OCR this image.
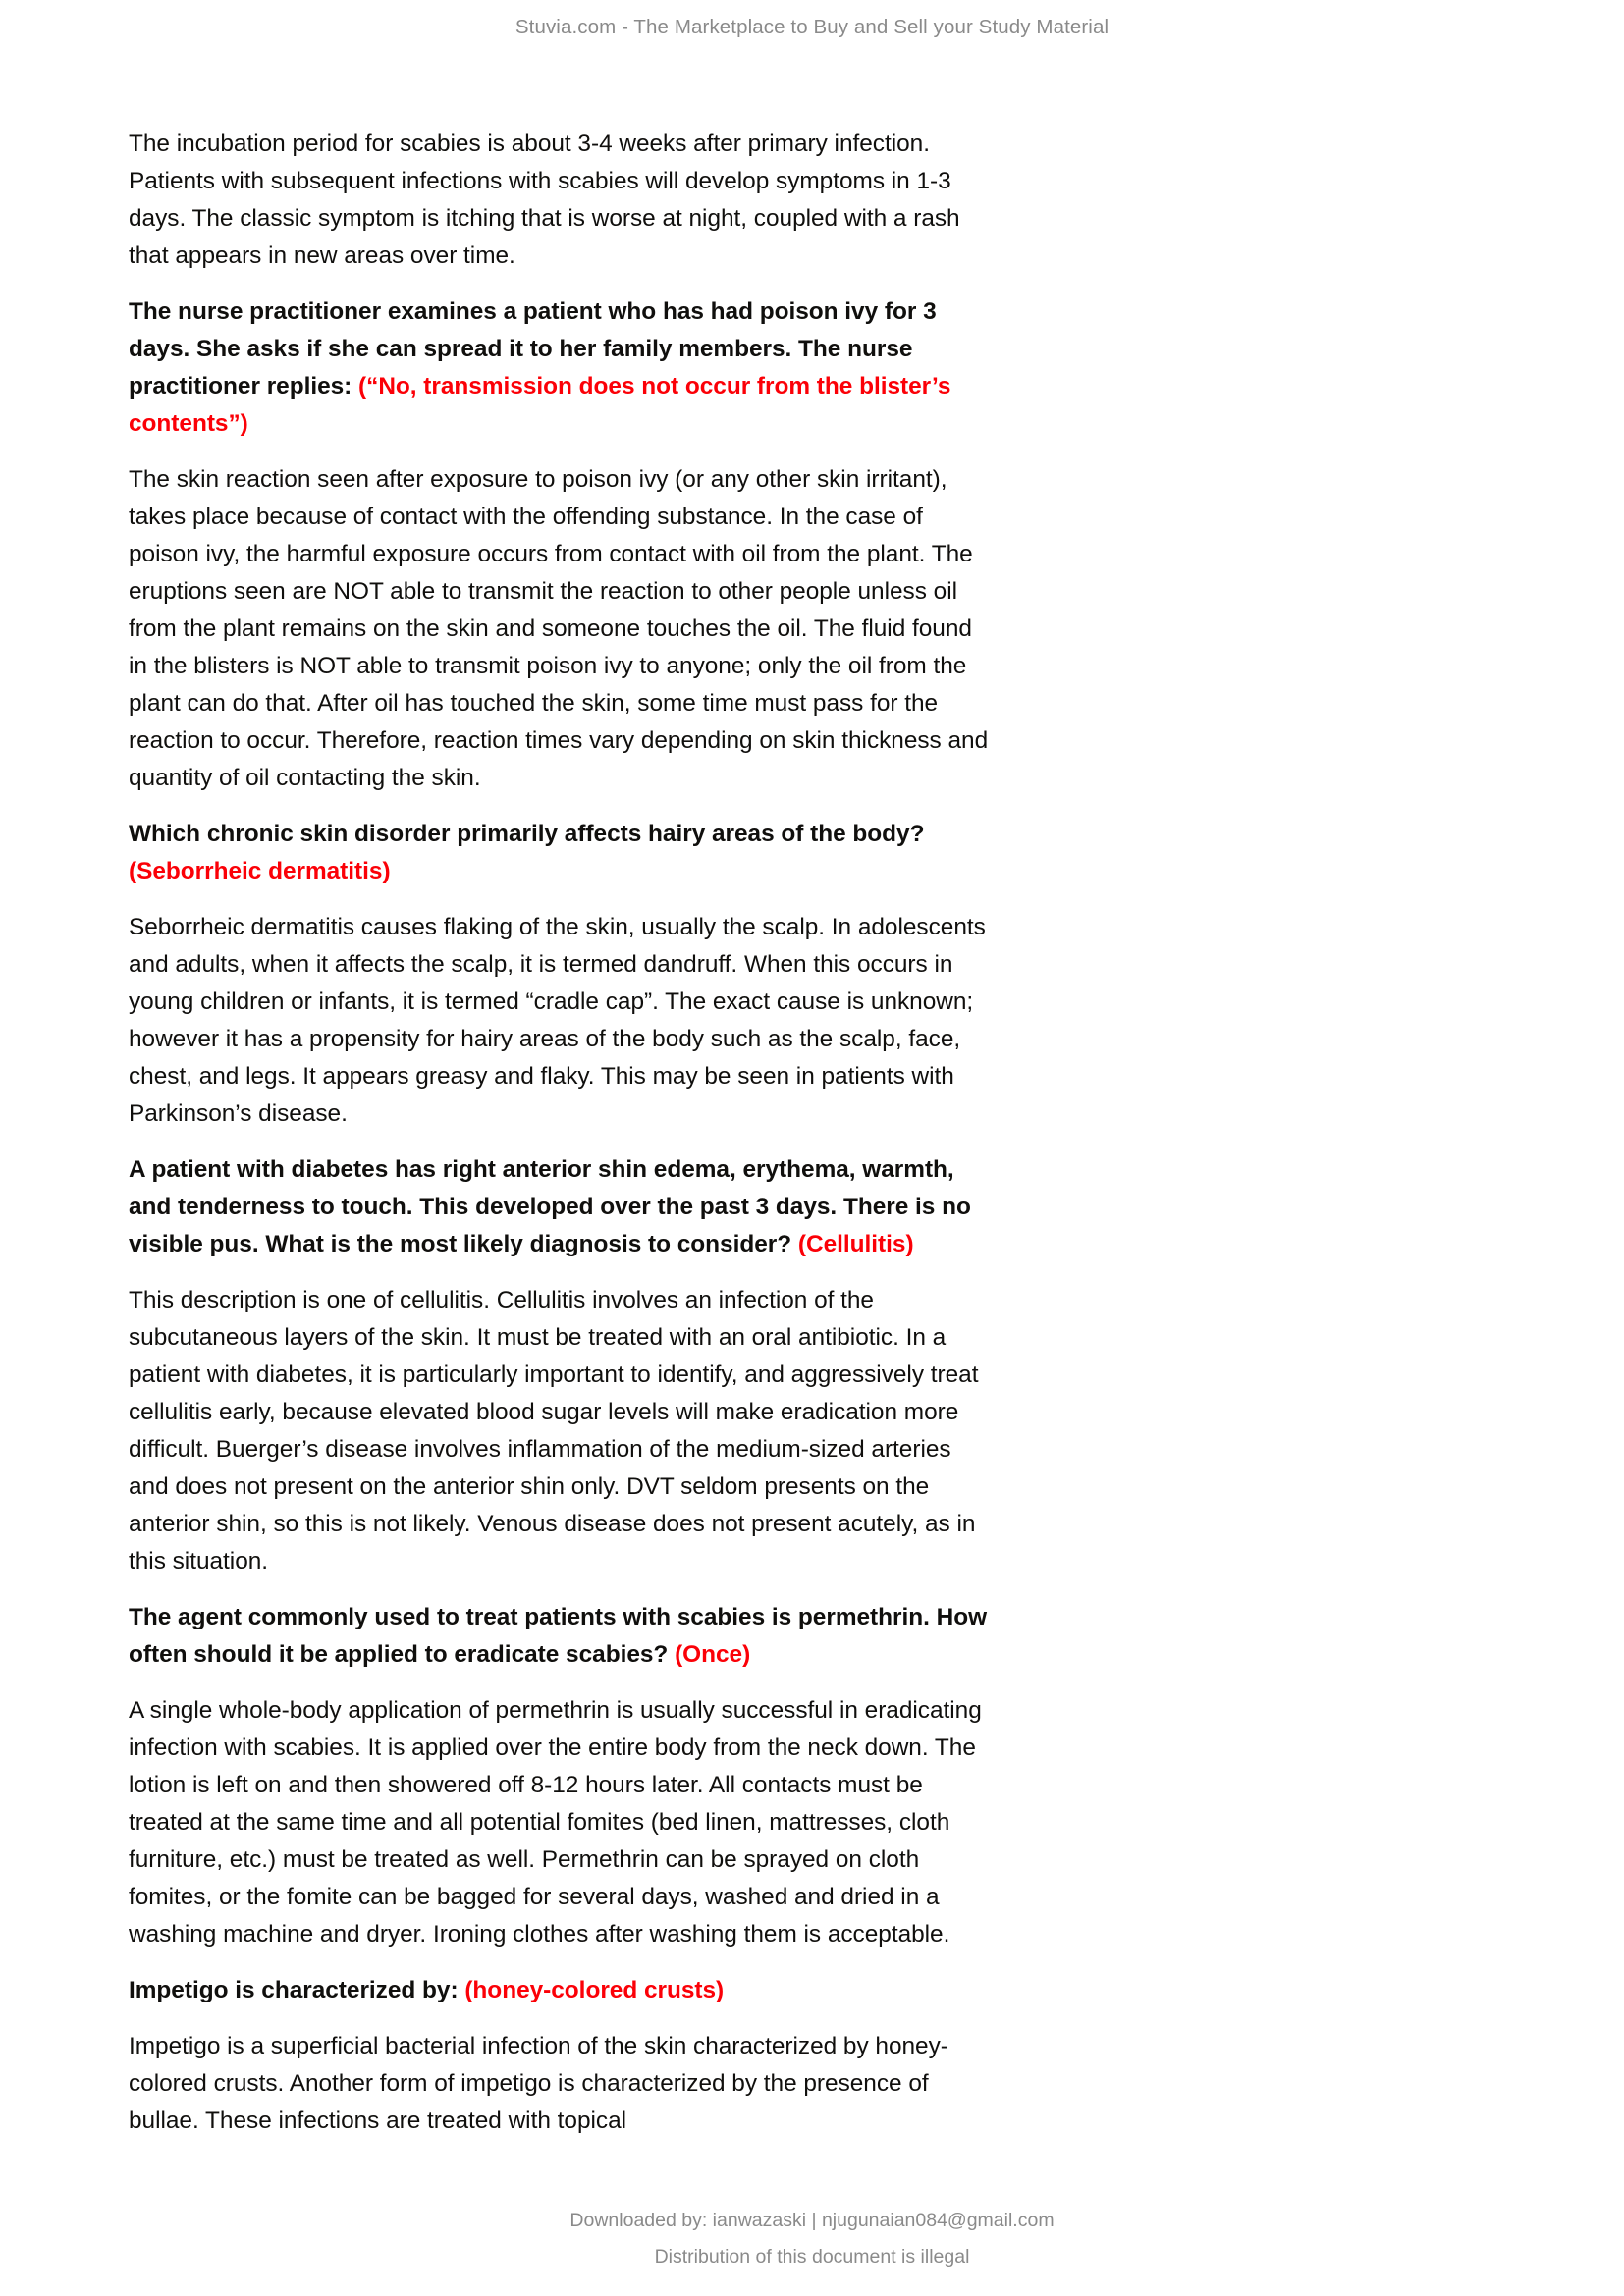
Stuvia.com - The Marketplace to Buy and Sell your Study Material

The incubation period for scabies is about 3-4 weeks after primary infection. Patients with subsequent infections with scabies will develop symptoms in 1-3 days. The classic symptom is itching that is worse at night, coupled with a rash that appears in new areas over time.

The nurse practitioner examines a patient who has had poison ivy for 3 days. She asks if she can spread it to her family members. The nurse practitioner replies: (“No, transmission does not occur from the blister’s contents”)

The skin reaction seen after exposure to poison ivy (or any other skin irritant), takes place because of contact with the offending substance. In the case of poison ivy, the harmful exposure occurs from contact with oil from the plant. The eruptions seen are NOT able to transmit the reaction to other people unless oil from the plant remains on the skin and someone touches the oil. The fluid found in the blisters is NOT able to transmit poison ivy to anyone; only the oil from the plant can do that. After oil has touched the skin, some time must pass for the reaction to occur. Therefore, reaction times vary depending on skin thickness and quantity of oil contacting the skin.

Which chronic skin disorder primarily affects hairy areas of the body? (Seborrheic dermatitis)

Seborrheic dermatitis causes flaking of the skin, usually the scalp. In adolescents and adults, when it affects the scalp, it is termed dandruff. When this occurs in young children or infants, it is termed “cradle cap”. The exact cause is unknown; however it has a propensity for hairy areas of the body such as the scalp, face, chest, and legs. It appears greasy and flaky. This may be seen in patients with Parkinson’s disease.

A patient with diabetes has right anterior shin edema, erythema, warmth, and tenderness to touch. This developed over the past 3 days. There is no visible pus. What is the most likely diagnosis to consider? (Cellulitis)

This description is one of cellulitis. Cellulitis involves an infection of the subcutaneous layers of the skin. It must be treated with an oral antibiotic. In a patient with diabetes, it is particularly important to identify, and aggressively treat cellulitis early, because elevated blood sugar levels will make eradication more difficult. Buerger’s disease involves inflammation of the medium-sized arteries and does not present on the anterior shin only. DVT seldom presents on the anterior shin, so this is not likely. Venous disease does not present acutely, as in this situation.

The agent commonly used to treat patients with scabies is permethrin. How often should it be applied to eradicate scabies? (Once)

A single whole-body application of permethrin is usually successful in eradicating infection with scabies. It is applied over the entire body from the neck down. The lotion is left on and then showered off 8-12 hours later. All contacts must be treated at the same time and all potential fomites (bed linen, mattresses, cloth furniture, etc.) must be treated as well. Permethrin can be sprayed on cloth fomites, or the fomite can be bagged for several days, washed and dried in a washing machine and dryer. Ironing clothes after washing them is acceptable.

Impetigo is characterized by: (honey-colored crusts)

Impetigo is a superficial bacterial infection of the skin characterized by honey-colored crusts. Another form of impetigo is characterized by the presence of bullae. These infections are treated with topical

Downloaded by: ianwazaski | njugunaian084@gmail.com
Distribution of this document is illegal
